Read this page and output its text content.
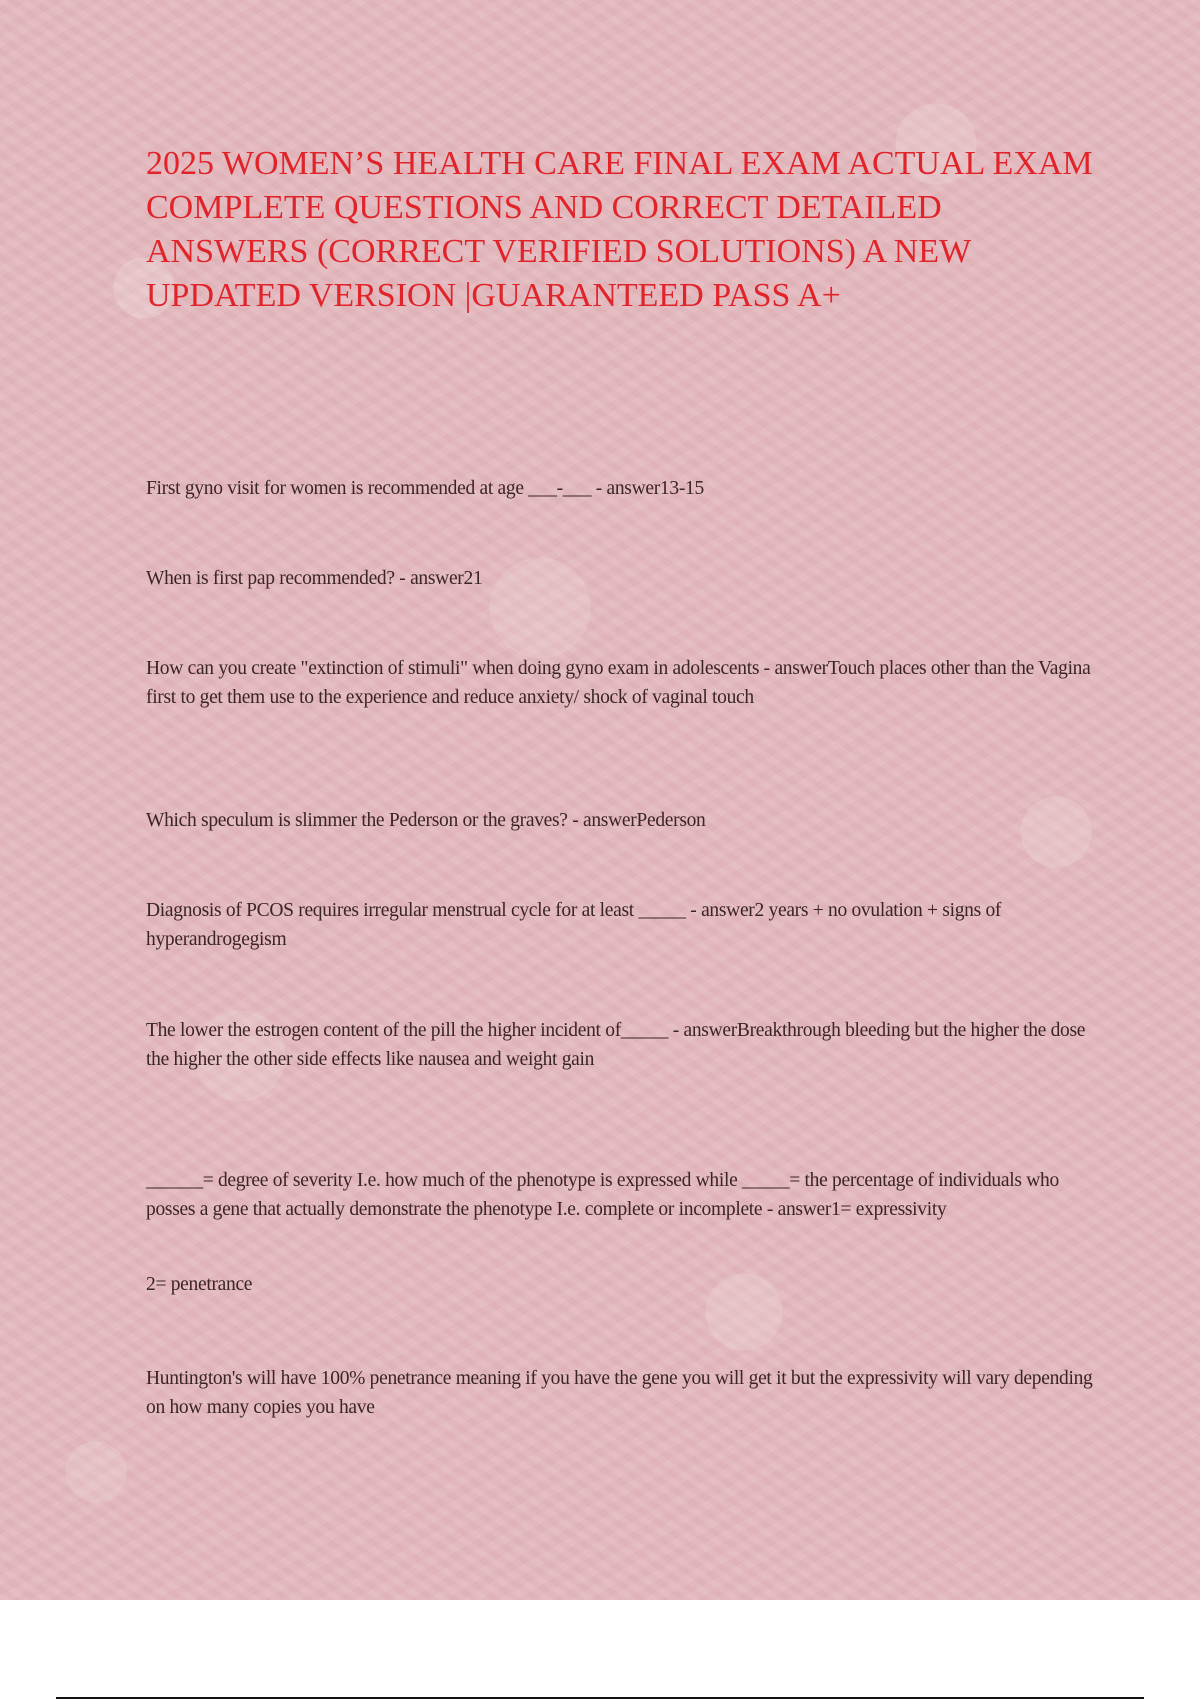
2025 WOMEN’S HEALTH CARE FINAL EXAM ACTUAL EXAM COMPLETE QUESTIONS AND CORRECT DETAILED ANSWERS (CORRECT VERIFIED SOLUTIONS) A NEW UPDATED VERSION |GUARANTEED PASS A+

First gyno visit for women is recommended at age ___-___ - answer13-15

When is first pap recommended? - answer21

How can you create "extinction of stimuli" when doing gyno exam in adolescents - answerTouch places other than the Vagina first to get them use to the experience and reduce anxiety/ shock of vaginal touch

Which speculum is slimmer the Pederson or the graves? - answerPederson

Diagnosis of PCOS requires irregular menstrual cycle for at least _____ - answer2 years + no ovulation + signs of hyperandrogegism

The lower the estrogen content of the pill the higher incident of_____ - answerBreakthrough bleeding but the higher the dose the higher the other side effects like nausea and weight gain

______= degree of severity I.e. how much of the phenotype is expressed while _____= the percentage of individuals who posses a gene that actually demonstrate the phenotype I.e. complete or incomplete - answer1= expressivity

2= penetrance

Huntington's will have 100% penetrance meaning if you have the gene you will get it but the expressivity will vary depending on how many copies you have
